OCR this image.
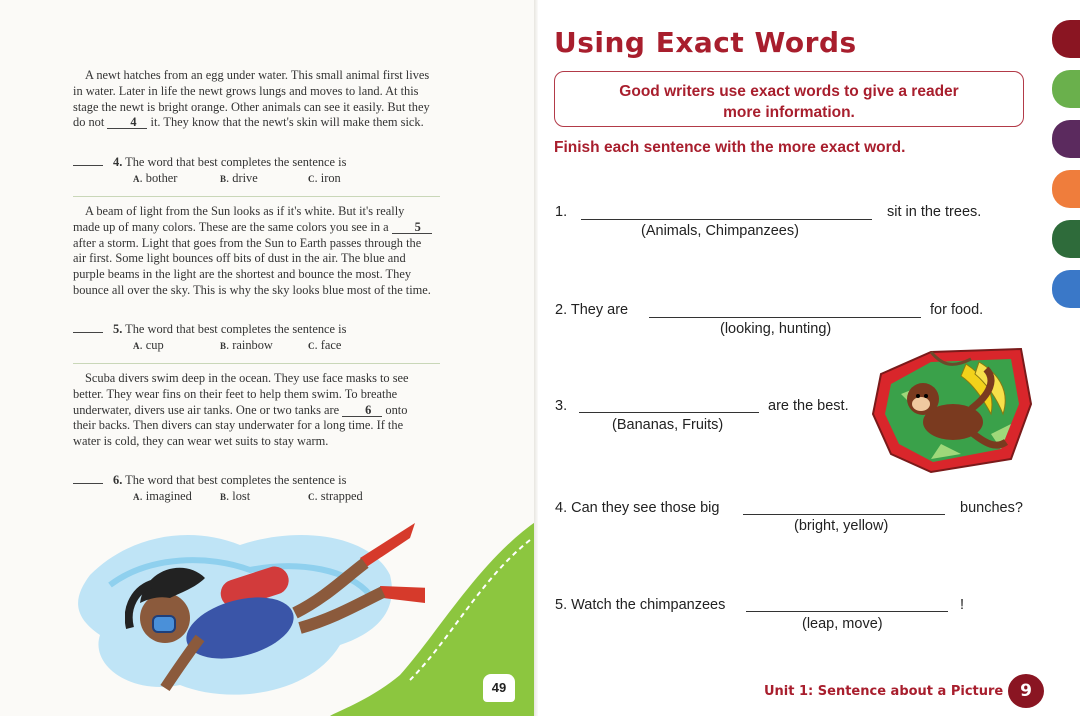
A newt hatches from an egg under water. This small animal first lives in water. Later in life the newt grows lungs and moves to land. At this stage the newt is bright orange. Other animals can see it easily. But they do not 4 it. They know that the newt's skin will make them sick.

4. The word that best completes the sentence is
A. bother	B. drive	C. iron

A beam of light from the Sun looks as if it's white. But it's really made up of many colors. These are the same colors you see in a 5 after a storm. Light that goes from the Sun to Earth passes through the air first. Some light bounces off bits of dust in the air. The blue and purple beams in the light are the shortest and bounce the most. They bounce all over the sky. This is why the sky looks blue most of the time.

5. The word that best completes the sentence is
A. cup	B. rainbow	C. face

Scuba divers swim deep in the ocean. They use face masks to see better. They wear fins on their feet to help them swim. To breathe underwater, divers use air tanks. One or two tanks are 6 onto their backs. Then divers can stay underwater for a long time. If the water is cold, they can wear wet suits to stay warm.

6. The word that best completes the sentence is
A. imagined	B. lost	C. strapped
49
Using Exact Words
Good writers use exact words to give a reader
more information.
Finish each sentence with the more exact word.
1.	sit in the trees.
(Animals, Chimpanzees)
2. They are	for food.
(looking, hunting)
3.	are the best.
(Bananas, Fruits)
4. Can they see those big	bunches?
(bright, yellow)
5. Watch the chimpanzees	!
(leap, move)
Unit 1: Sentence about a Picture 9
